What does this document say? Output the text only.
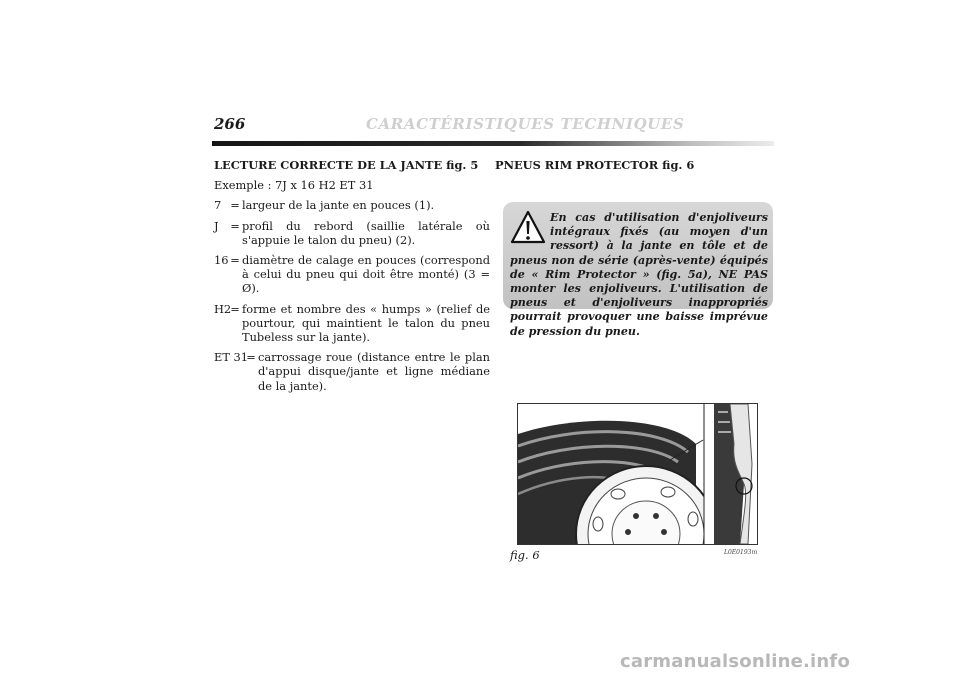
266	CARACTÉRISTIQUES TECHNIQUES
LECTURE CORRECTE DE LA JANTE fig. 5
Exemple : 7J x 16 H2 ET 31
7 = largeur de la jante en pouces (1).
J	= profil du rebord (saillie latérale où s'appuie le talon du pneu) (2).
16 = diamètre de calage en pouces (correspond à celui du pneu qui doit être monté) (3 = Ø).
H2 = forme et nombre des « humps » (relief de pourtour, qui maintient le talon du pneu Tubeless sur la jante).
ET 31
= carrossage roue (distance entre le plan d'appui disque/jante et ligne médiane de la jante).
PNEUS RIM PROTECTOR fig. 6
En cas d'utilisation d'enjoliveurs intégraux fixés (au moyen d'un ressort) à la jante en tôle et de pneus non de série (après-vente) équipés de « Rim Protector » (fig. 5a), NE PAS monter les enjoliveurs. L'utilisation de pneus et d'enjoliveurs inappropriés pourrait provoquer une baisse imprévue de pression du pneu.
fig. 6	L0E0193m
carmanualsonline.info
